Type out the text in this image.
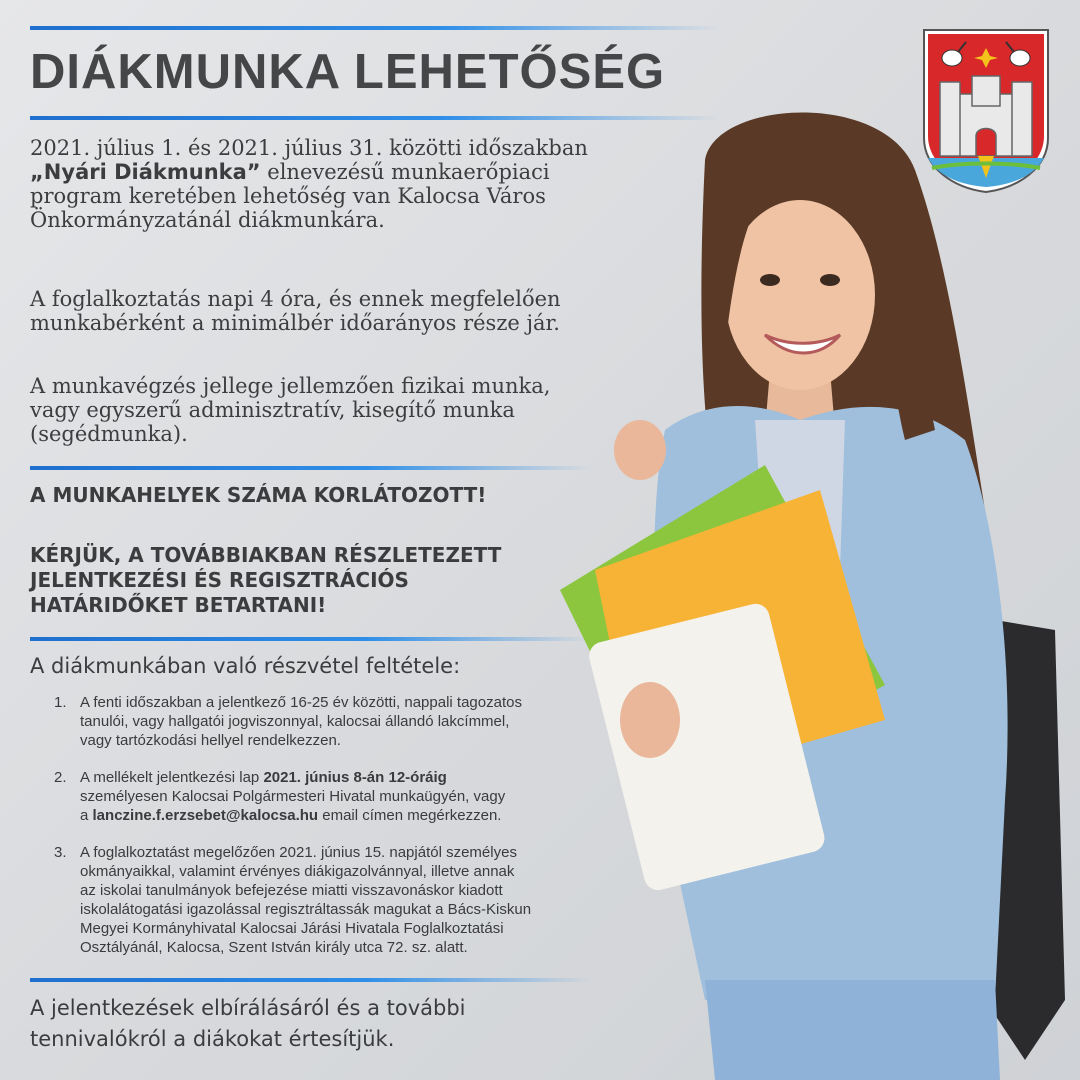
DIÁKMUNKA LEHETŐSÉG

2021. július 1. és 2021. július 31. közötti időszakban
„Nyári Diákmunka” elnevezésű munkaerőpiaci
program keretében lehetőség van Kalocsa Város
Önkormányzatánál diákmunkára.

A foglalkoztatás napi 4 óra, és ennek megfelelően
munkabérként a minimálbér időarányos része jár.

A munkavégzés jellege jellemzően fizikai munka,
vagy egyszerű adminisztratív, kisegítő munka
(segédmunka).

A MUNKAHELYEK SZÁMA KORLÁTOZOTT!

KÉRJÜK, A TOVÁBBIAKBAN RÉSZLETEZETT
JELENTKEZÉSI ÉS REGISZTRÁCIÓS
HATÁRIDŐKET BETARTANI!

A diákmunkában való részvétel feltétele:

1. A fenti időszakban a jelentkező 16-25 év közötti, nappali tagozatos
tanulói, vagy hallgatói jogviszonnyal, kalocsai állandó lakcímmel,
vagy tartózkodási hellyel rendelkezzen.
2. A mellékelt jelentkezési lap 2021. június 8-án 12-óráig
személyesen Kalocsai Polgármesteri Hivatal munkaügyén, vagy
a lanczine.f.erzsebet@kalocsa.hu email címen megérkezzen.
3. A foglalkoztatást megelőzően 2021. június 15. napjától személyes
okmányaikkal, valamint érvényes diákigazolvánnyal, illetve annak
az iskolai tanulmányok befejezése miatti visszavonáskor kiadott
iskolalátogatási igazolással regisztráltassák magukat a Bács-Kiskun
Megyei Kormányhivatal Kalocsai Járási Hivatala Foglalkoztatási
Osztályánál, Kalocsa, Szent István király utca 72. sz. alatt.

A jelentkezések elbírálásáról és a további
tennivalókról a diákokat értesítjük.
